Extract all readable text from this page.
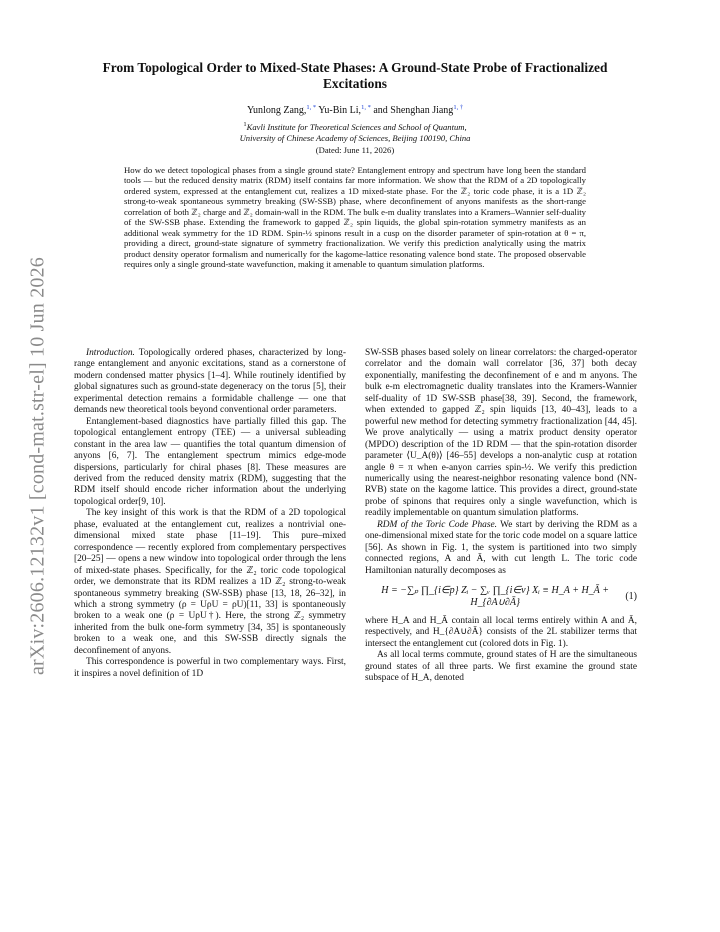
arXiv:2606.12132v1 [cond-mat.str-el] 10 Jun 2026
From Topological Order to Mixed-State Phases: A Ground-State Probe of Fractionalized Excitations
Yunlong Zang,$^{1, *}$ Yu-Bin Li,$^{1, *}$ and Shenghan Jiang$^{1, \dagger}$
$^1$Kavli Institute for Theoretical Sciences and School of Quantum,
University of Chinese Academy of Sciences, Beijing 100190, China
(Dated: June 11, 2026)
How do we detect topological phases from a single ground state? Entanglement entropy and spectrum have long been the standard tools — but the reduced density matrix (RDM) itself contains far more information. We show that the RDM of a 2D topologically ordered system, expressed at the entanglement cut, realizes a 1D mixed-state phase. For the ℤ₂ toric code phase, it is a 1D ℤ₂ strong-to-weak spontaneous symmetry breaking (SW-SSB) phase, where deconfinement of anyons manifests as the short-range correlation of both ℤ₂ charge and ℤ₂ domain-wall in the RDM. The bulk e-m duality translates into a Kramers–Wannier self-duality of the SW-SSB phase. Extending the framework to gapped ℤ₂ spin liquids, the global spin-rotation symmetry manifests as an additional weak symmetry for the 1D RDM. Spin-½ spinons result in a cusp on the disorder parameter of spin-rotation at θ = π, providing a direct, ground-state signature of symmetry fractionalization. We verify this prediction analytically using the matrix product density operator formalism and numerically for the kagome-lattice resonating valence bond state. The proposed observable requires only a single ground-state wavefunction, making it amenable to quantum simulation platforms.

Introduction. Topologically ordered phases, characterized by long-range entanglement and anyonic excitations, stand as a cornerstone of modern condensed matter physics [1–4]. While routinely identified by global signatures such as ground-state degeneracy on the torus [5], their experimental detection remains a formidable challenge — one that demands new theoretical tools beyond conventional order parameters.

Entanglement-based diagnostics have partially filled this gap. The topological entanglement entropy (TEE) — a universal subleading constant in the area law — quantifies the total quantum dimension of anyons [6, 7]. The entanglement spectrum mimics edge-mode dispersions, particularly for chiral phases [8]. These measures are derived from the reduced density matrix (RDM), suggesting that the RDM itself should encode richer information about the underlying topological order[9, 10].

The key insight of this work is that the RDM of a 2D topological phase, evaluated at the entanglement cut, realizes a nontrivial one-dimensional mixed state phase [11–19]. This pure–mixed correspondence — recently explored from complementary perspectives [20–25] — opens a new window into topological order through the lens of mixed-state phases. Specifically, for the ℤ₂ toric code topological order, we demonstrate that its RDM realizes a 1D ℤ₂ strong-to-weak spontaneous symmetry breaking (SW-SSB) phase [13, 18, 26–32], in which a strong symmetry (ρ = UρU = ρU)[11, 33] is spontaneously broken to a weak one (ρ = UρU†). Here, the strong ℤ₂ symmetry inherited from the bulk one-form symmetry [34, 35] is spontaneously broken to a weak one, and this SW-SSB directly signals the deconfinement of anyons.

This correspondence is powerful in two complementary ways. First, it inspires a novel definition of 1D

SW-SSB phases based solely on linear correlators: the charged-operator correlator and the domain wall correlator [36, 37] both decay exponentially, manifesting the deconfinement of e and m anyons. The bulk e-m electromagnetic duality translates into the Kramers-Wannier self-duality of 1D SW-SSB phase[38, 39]. Second, the framework, when extended to gapped ℤ₂ spin liquids [13, 40–43], leads to a powerful new method for detecting symmetry fractionalization [44, 45]. We prove analytically — using a matrix product density operator (MPDO) description of the 1D RDM — that the spin-rotation disorder parameter ⟨U_A(θ)⟩ [46–55] develops a non-analytic cusp at rotation angle θ = π when e-anyon carries spin-½. We verify this prediction numerically using the nearest-neighbor resonating valence bond (NN-RVB) state on the kagome lattice. This provides a direct, ground-state probe of spinons that requires only a single wavefunction, which is readily implementable on quantum simulation platforms.

RDM of the Toric Code Phase. We start by deriving the RDM as a one-dimensional mixed state for the toric code model on a square lattice [56]. As shown in Fig. 1, the system is partitioned into two simply connected regions, A and Ā, with cut length L. The toric code Hamiltonian naturally decomposes as

H = −∑ₚ ∏_{i∈p} Zᵢ − ∑ᵥ ∏_{i∈v} Xᵢ ≡ H_A + H_Ā + H_{∂A∪∂Ā}
(1)

where H_A and H_Ā contain all local terms entirely within A and Ā, respectively, and H_{∂A∪∂Ā} consists of the 2L stabilizer terms that intersect the entanglement cut (colored dots in Fig. 1).

As all local terms commute, ground states of H are the simultaneous ground states of all three parts. We first examine the ground state subspace of H_A, denoted
